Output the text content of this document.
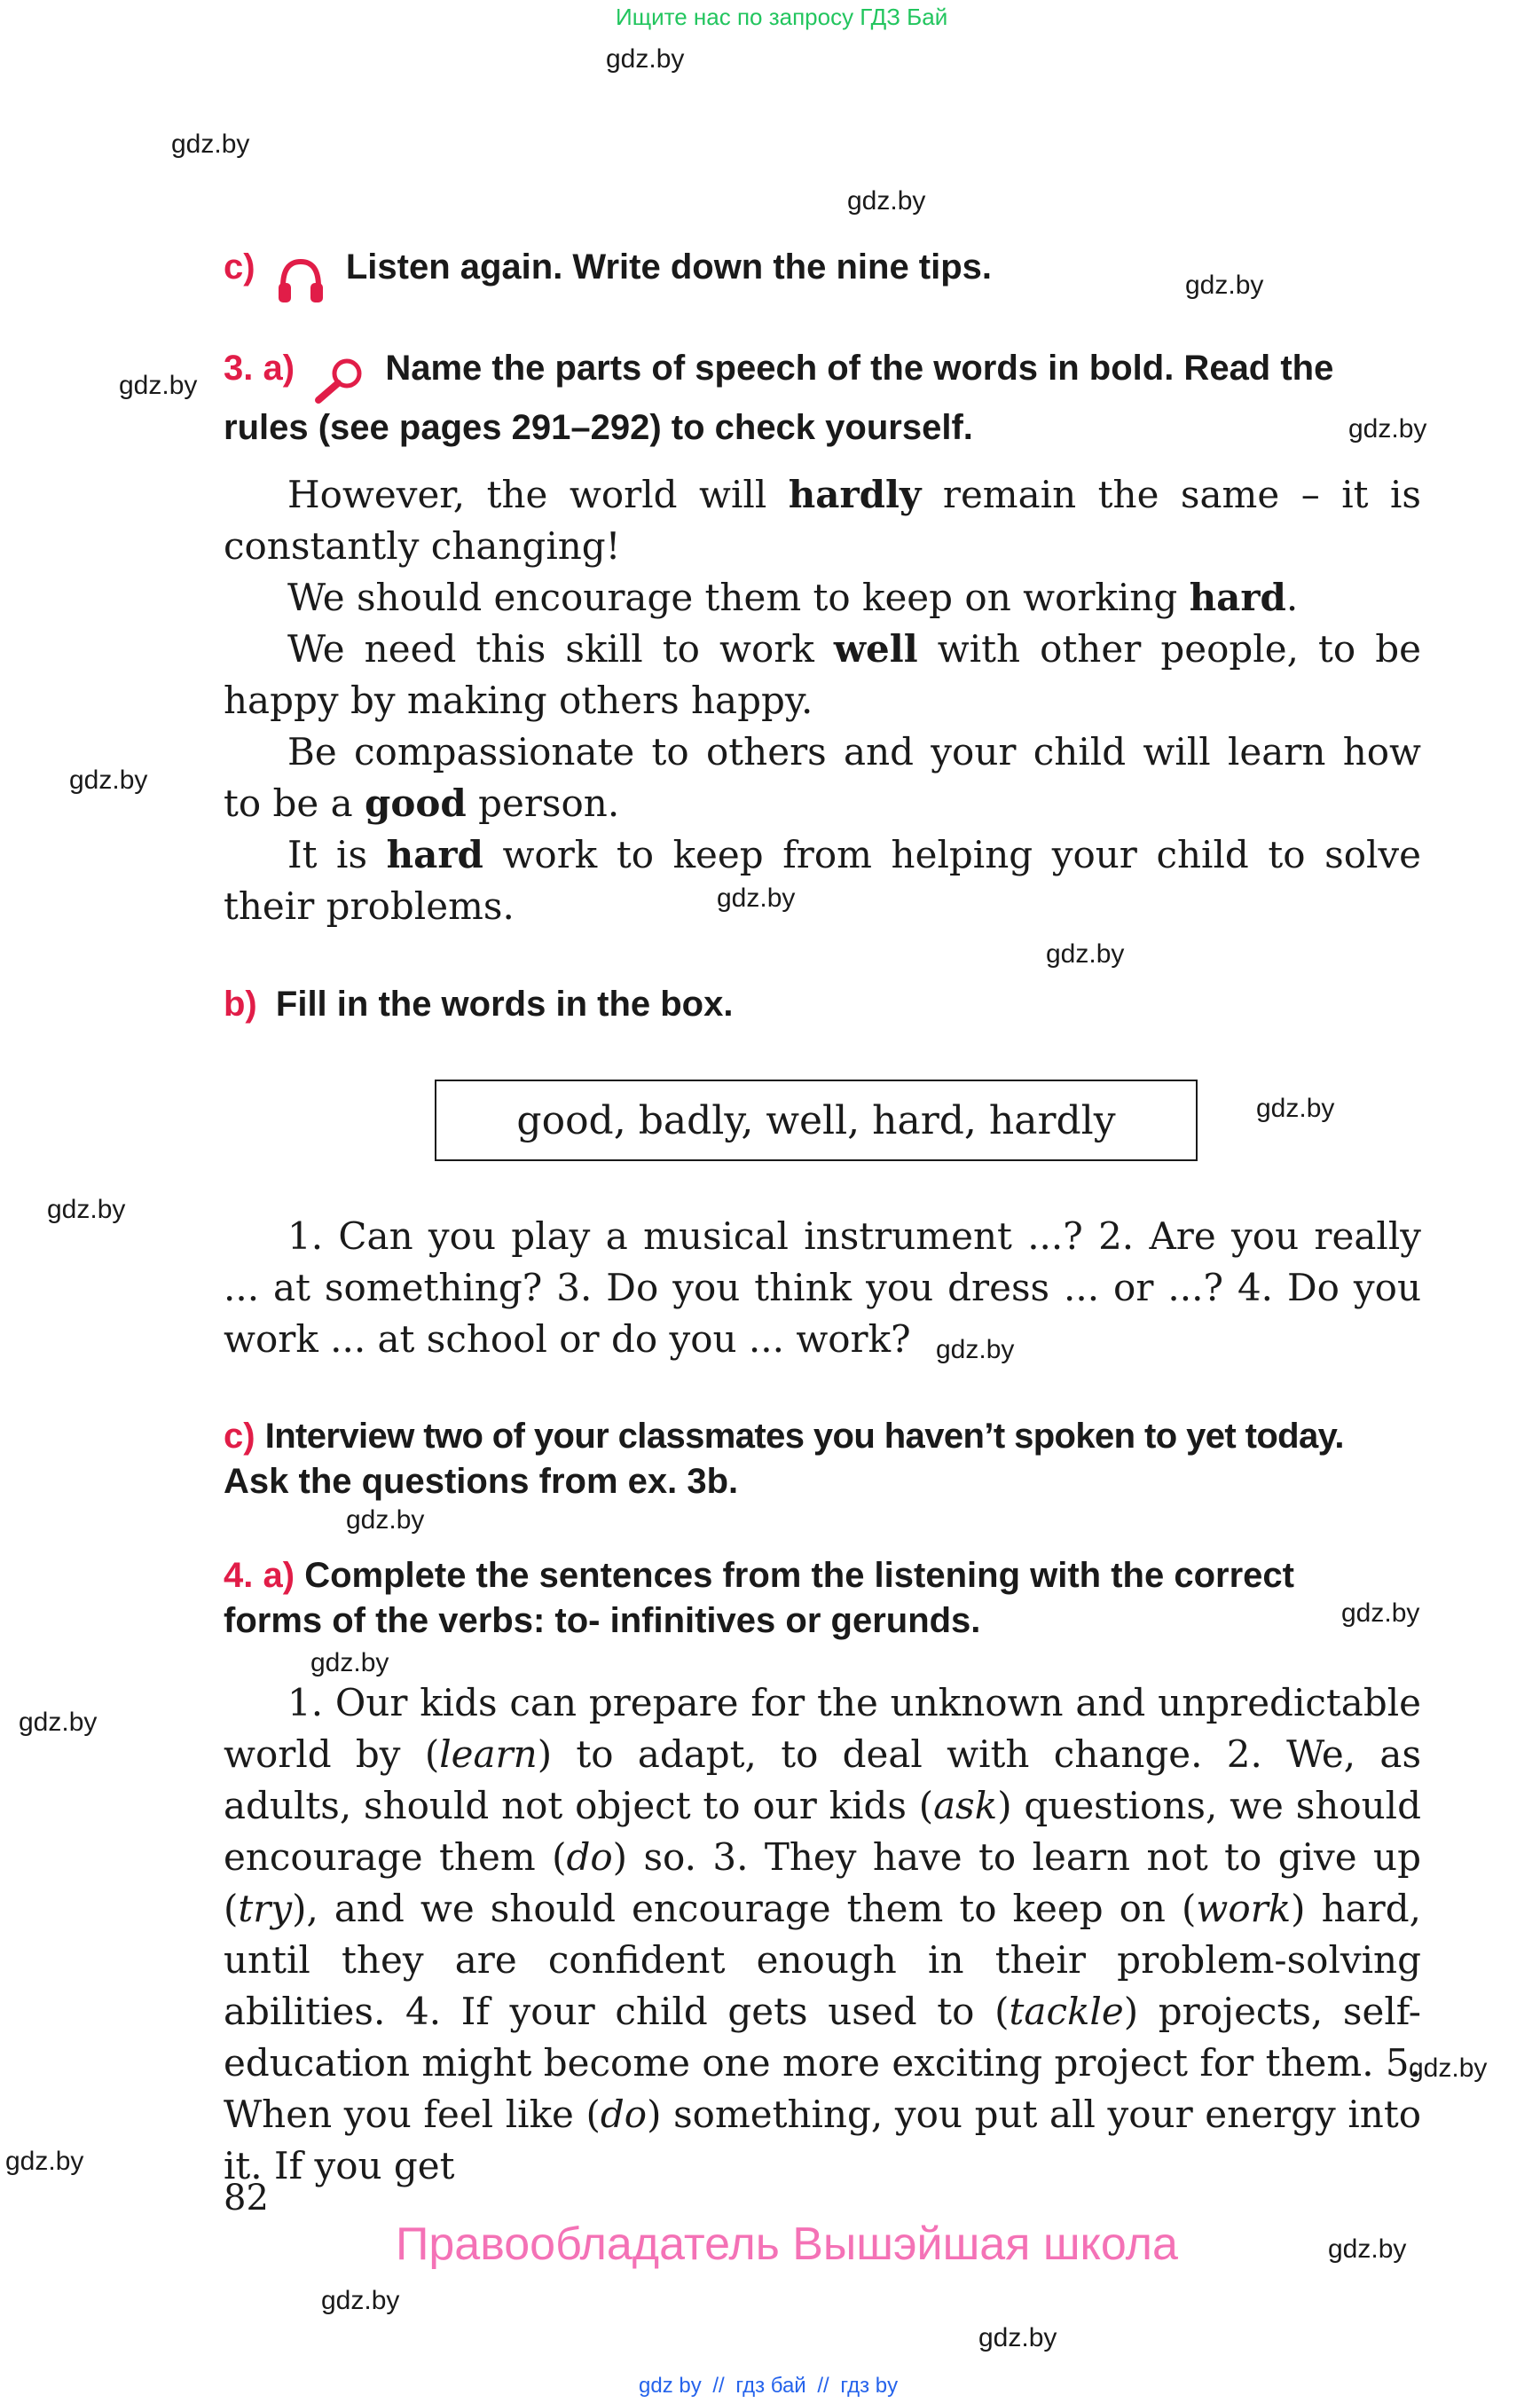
Ищите нас по запросу ГДЗ Бай
gdz.by
gdz.by
gdz.by
gdz.by
gdz.by
gdz.by
gdz.by
gdz.by
gdz.by
gdz.by
gdz.by
gdz.by
gdz.by
gdz.by
gdz.by
gdz.by
gdz.by
gdz.by
gdz.by
gdz.by
gdz.by
c)	Listen again. Write down the nine tips.
3. a)	Name the parts of speech of the words in bold. Read the
rules (see pages 291–292) to check yourself.
However, the world will hardly remain the same – it is constantly changing!
We should encourage them to keep on working hard.
We need this skill to work well with other people, to be happy by making others happy.
Be compassionate to others and your child will learn how to be a good person.
It is hard work to keep from helping your child to solve their problems.
b) Fill in the words in the box.
good, badly, well, hard, hardly
1. Can you play a musical instrument ...? 2. Are you really ... at something? 3. Do you think you dress ... or ...? 4. Do you work ... at school or do you ... work?
c) Interview two of your classmates you haven’t spoken to yet today.
Ask the questions from ex. 3b.
4. a) Complete the sentences from the listening with the correct
forms of the verbs: to- infinitives or gerunds.
1. Our kids can prepare for the unknown and unpredictable world by (learn) to adapt, to deal with change. 2. We, as adults, should not object to our kids (ask) questions, we should encourage them (do) so. 3. They have to learn not to give up (try), and we should encourage them to keep on (work) hard, until they are confident enough in their problem-solving abilities. 4. If your child gets used to (tackle) projects, self-education might become one more exciting project for them. 5. When you feel like (do) something, you put all your energy into it. If you get
82
Правообладатель Вышэйшая школа
gdz by // гдз бай // гдз by
